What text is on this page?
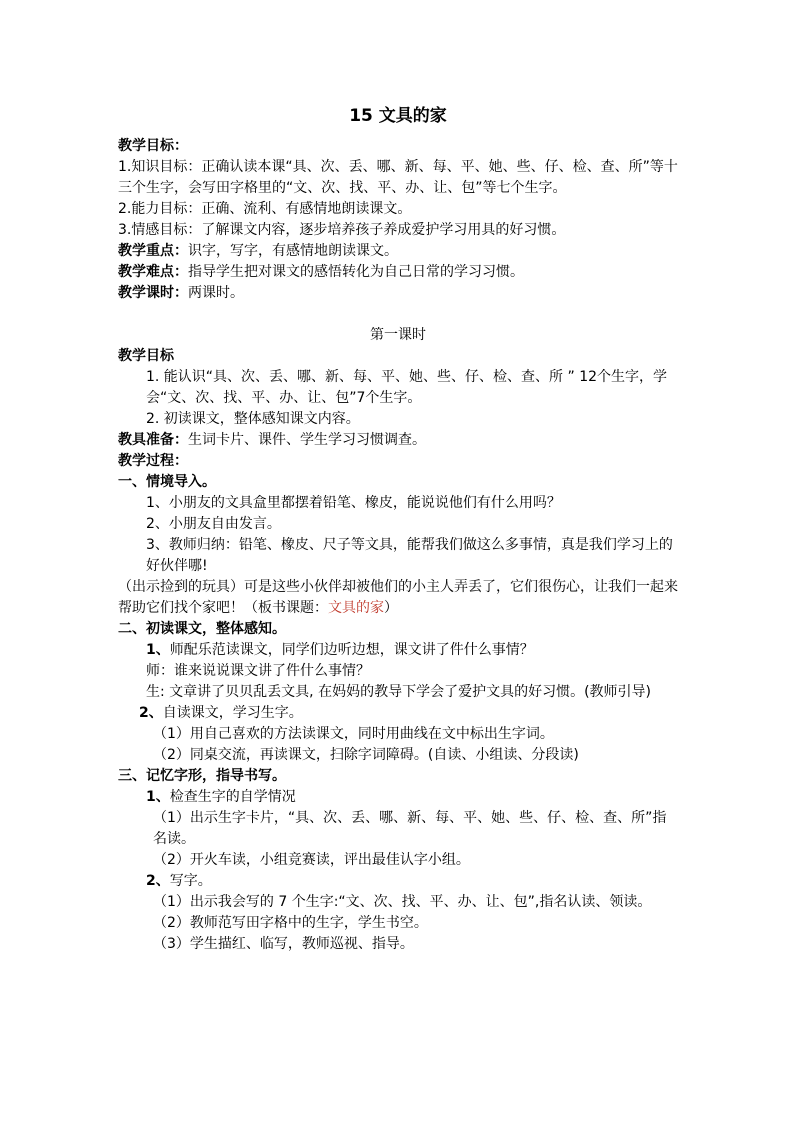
15 文具的家

教学目标：

1.知识目标：正确认读本课“具、次、丢、哪、新、每、平、她、些、仔、检、查、所”等十三个生字，会写田字格里的“文、次、找、平、办、让、包”等七个生字。

2.能力目标：正确、流利、有感情地朗读课文。

3.情感目标：了解课文内容，逐步培养孩子养成爱护学习用具的好习惯。

教学重点：识字，写字，有感情地朗读课文。

教学难点：指导学生把对课文的感悟转化为自己日常的学习习惯。

教学课时：两课时。

第一课时

教学目标

1. 能认识“具、次、丢、哪、新、每、平、她、些、仔、检、查、所 ” 12个生字，学会“文、次、找、平、办、让、包”7个生字。

2. 初读课文，整体感知课文内容。

教具准备：生词卡片、课件、学生学习习惯调查。

教学过程：

一、情境导入。

1、小朋友的文具盒里都摆着铅笔、橡皮，能说说他们有什么用吗？

2、小朋友自由发言。

3、教师归纳：铅笔、橡皮、尺子等文具，能帮我们做这么多事情，真是我们学习上的好伙伴哪!

（出示捡到的玩具）可是这些小伙伴却被他们的小主人弄丢了，它们很伤心，让我们一起来帮助它们找个家吧！（板书课题：文具的家）

二、初读课文，整体感知。

1、师配乐范读课文，同学们边听边想，课文讲了件什么事情？

师：谁来说说课文讲了件什么事情？

生: 文章讲了贝贝乱丢文具, 在妈妈的教导下学会了爱护文具的好习惯。(教师引导)

2、自读课文，学习生字。

（1）用自己喜欢的方法读课文，同时用曲线在文中标出生字词。

（2）同桌交流，再读课文，扫除字词障碍。(自读、小组读、分段读)

三、记忆字形，指导书写。

1、检查生字的自学情况

（1）出示生字卡片，“具、次、丢、哪、新、每、平、她、些、仔、检、查、所”指名读。

（2）开火车读，小组竞赛读，评出最佳认字小组。

2、写字。

（1）出示我会写的 7 个生字:“文、次、找、平、办、让、包”,指名认读、领读。

（2）教师范写田字格中的生字，学生书空。

（3）学生描红、临写，教师巡视、指导。
